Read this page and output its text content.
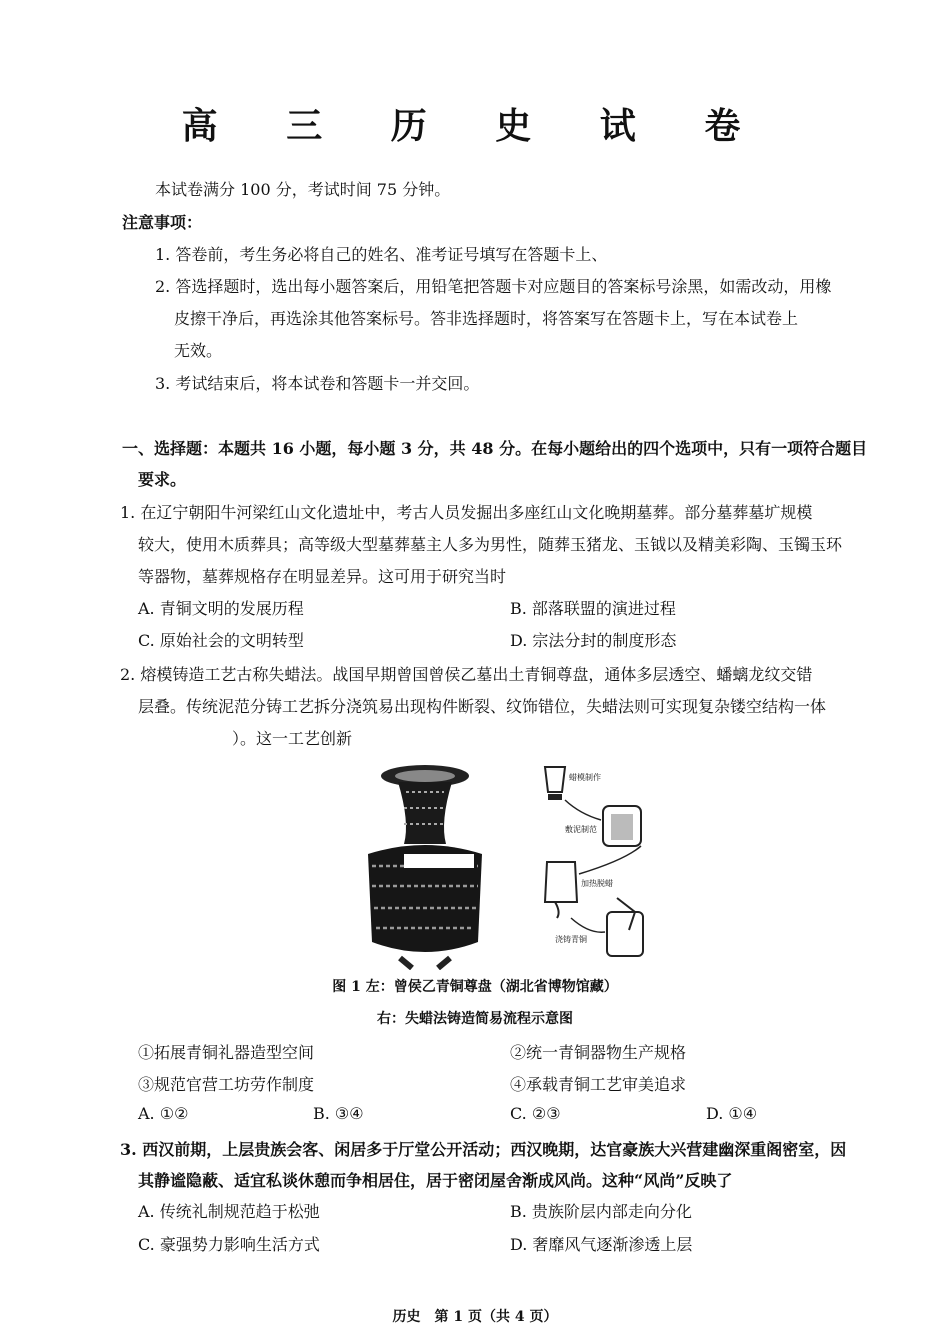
高 三 历 史 试 卷
本试卷满分 100 分，考试时间 75 分钟。
注意事项：
1. 答卷前，考生务必将自己的姓名、准考证号填写在答题卡上、
2. 答选择题时，选出每小题答案后，用铅笔把答题卡对应题目的答案标号涂黑，如需改动，用橡
皮擦干净后，再选涂其他答案标号。答非选择题时，将答案写在答题卡上，写在本试卷上
无效。
3. 考试结束后，将本试卷和答题卡一并交回。
一、选择题：本题共 16 小题，每小题 3 分，共 48 分。在每小题给出的四个选项中，只有一项符合题目
要求。
1. 在辽宁朝阳牛河梁红山文化遗址中，考古人员发掘出多座红山文化晚期墓葬。部分墓葬墓圹规模
较大，使用木质葬具；高等级大型墓葬墓主人多为男性，随葬玉猪龙、玉钺以及精美彩陶、玉镯玉环
等器物，墓葬规格存在明显差异。这可用于研究当时
A. 青铜文明的发展历程	B. 部落联盟的演进过程
C. 原始社会的文明转型	D. 宗法分封的制度形态
2. 熔模铸造工艺古称失蜡法。战国早期曾国曾侯乙墓出土青铜尊盘，通体多层透空、蟠螭龙纹交错
层叠。传统泥范分铸工艺拆分浇筑易出现构件断裂、纹饰错位，失蜡法则可实现复杂镂空结构一体
）。这一工艺创新
蜡模制作
敷泥制范
加热脱蜡
浇铸青铜
图 1 左：曾侯乙青铜尊盘（湖北省博物馆藏）
右：失蜡法铸造简易流程示意图
①拓展青铜礼器造型空间	②统一青铜器物生产规格
③规范官营工坊劳作制度	④承载青铜工艺审美追求
A. ①②	B. ③④	C. ②③	D. ①④
3. 西汉前期，上层贵族会客、闲居多于厅堂公开活动；西汉晚期，达官豪族大兴营建幽深重阁密室，因
其静谧隐蔽、适宜私谈休憩而争相居住，居于密闭屋舍渐成风尚。这种“风尚”反映了
A. 传统礼制规范趋于松弛	B. 贵族阶层内部走向分化
C. 豪强势力影响生活方式	D. 奢靡风气逐渐渗透上层
历史　第 1 页（共 4 页）
